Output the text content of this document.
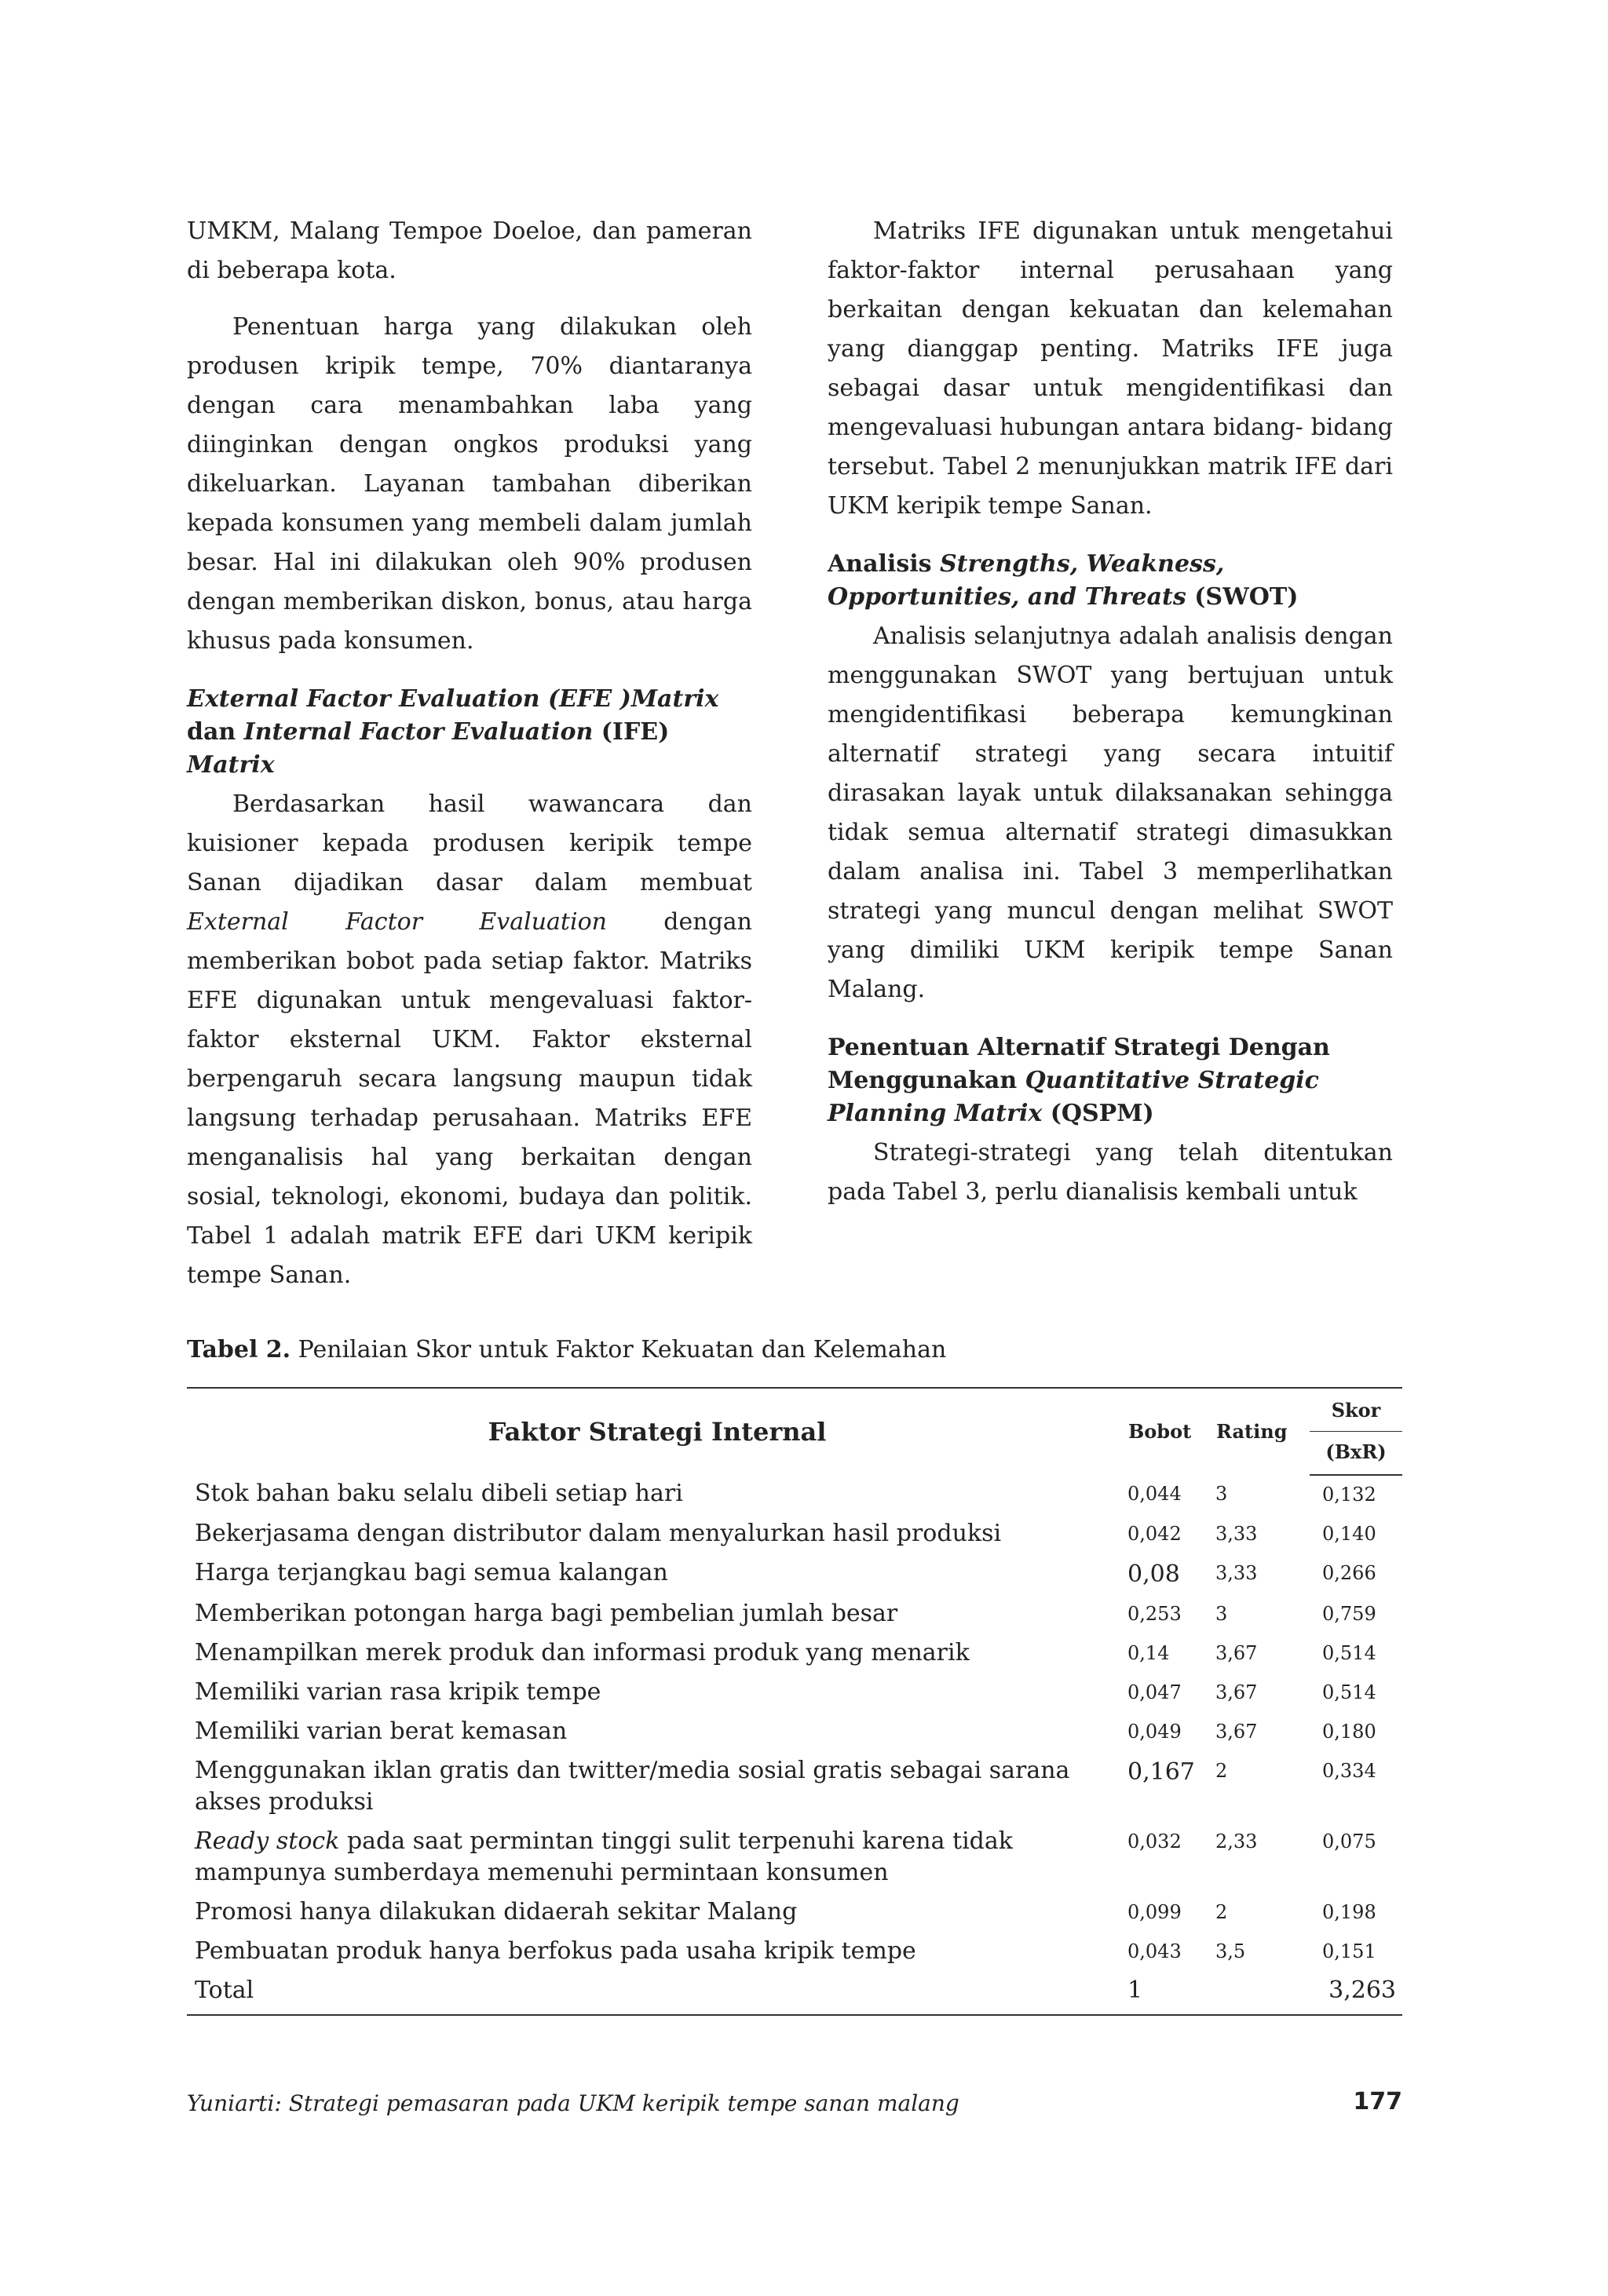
UMKM, Malang Tempoe Doeloe, dan pameran di beberapa kota.

Penentuan harga yang dilakukan oleh produsen kripik tempe, 70% diantaranya dengan cara menambahkan laba yang diinginkan dengan ongkos produksi yang dikeluarkan. Layanan tambahan diberikan kepada konsumen yang membeli dalam jumlah besar. Hal ini dilakukan oleh 90% produsen dengan memberikan diskon, bonus, atau harga khusus pada konsumen.

External Factor Evaluation (EFE )Matrix
dan Internal Factor Evaluation (IFE)
Matrix

Berdasarkan hasil wawancara dan kuisioner kepada produsen keripik tempe Sanan dijadikan dasar dalam membuat External Factor Evaluation dengan memberikan bobot pada setiap faktor. Matriks EFE digunakan untuk mengevaluasi faktor-faktor eksternal UKM. Faktor eksternal berpengaruh secara langsung maupun tidak langsung terhadap perusahaan. Matriks EFE menganalisis hal yang berkaitan dengan sosial, teknologi, ekonomi, budaya dan politik. Tabel 1 adalah matrik EFE dari UKM keripik tempe Sanan.

Matriks IFE digunakan untuk mengetahui faktor-faktor internal perusahaan yang berkaitan dengan kekuatan dan kelemahan yang dianggap penting. Matriks IFE juga sebagai dasar untuk mengidentifikasi dan mengevaluasi hubungan antara bidang- bidang tersebut. Tabel 2 menunjukkan matrik IFE dari UKM keripik tempe Sanan.

Analisis Strengths, Weakness, Opportunities, and Threats (SWOT)

Analisis selanjutnya adalah analisis dengan menggunakan SWOT yang bertujuan untuk mengidentifikasi beberapa kemungkinan alternatif strategi yang secara intuitif dirasakan layak untuk dilaksanakan sehingga tidak semua alternatif strategi dimasukkan dalam analisa ini. Tabel 3 memperlihatkan strategi yang muncul dengan melihat SWOT yang dimiliki UKM keripik tempe Sanan Malang.

Penentuan Alternatif Strategi Dengan Menggunakan Quantitative Strategic Planning Matrix (QSPM)

Strategi-strategi yang telah ditentukan pada Tabel 3, perlu dianalisis kembali untuk

Tabel 2. Penilaian Skor untuk Faktor Kekuatan dan Kelemahan
Faktor Strategi Internal	Bobot	Rating	Skor
			(BxR)
Stok bahan baku selalu dibeli setiap hari	0,044	3	0,132
Bekerjasama dengan distributor dalam menyalurkan hasil produksi	0,042	3,33	0,140
Harga terjangkau bagi semua kalangan	0,08	3,33	0,266
Memberikan potongan harga bagi pembelian jumlah besar	0,253	3	0,759
Menampilkan merek produk dan informasi produk yang menarik	0,14	3,67	0,514
Memiliki varian rasa kripik tempe	0,047	3,67	0,514
Memiliki varian berat kemasan	0,049	3,67	0,180
Menggunakan iklan gratis dan twitter/media sosial gratis sebagai sarana akses produksi	0,167	2	0,334
Ready stock pada saat permintan tinggi sulit terpenuhi karena tidak mampunya sumberdaya memenuhi permintaan konsumen	0,032	2,33	0,075
Promosi hanya dilakukan didaerah sekitar Malang	0,099	2	0,198
Pembuatan produk hanya berfokus pada usaha kripik tempe	0,043	3,5	0,151
Total	1		3,263
Yuniarti: Strategi pemasaran pada UKM keripik tempe sanan malang	177
